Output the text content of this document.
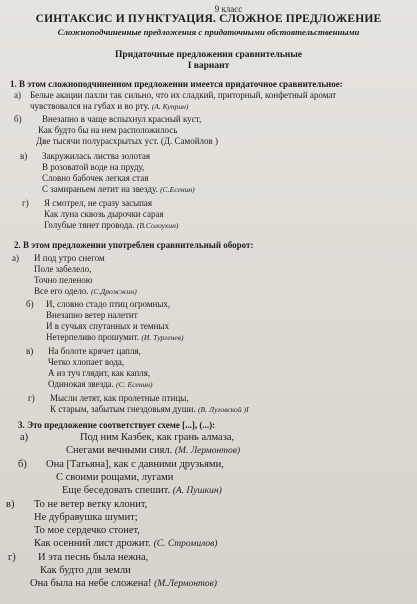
9 класс
СИНТАКСИС И ПУНКТУАЦИЯ. СЛОЖНОЕ ПРЕДЛОЖЕНИЕ
Сложноподчиненные предложения с придаточными обстоятельственными
Придаточные предложения сравнительные
I вариант
1. В этом сложноподчиненном предложении имеется придаточное сравнительное:
а) Белые акации пахли так сильно, что их сладкий, приторный, конфетный аромат
чувствовался на губах и во рту. (А. Куприн)
б) Внезапно в чаще вспыхнул красный куст,
Как будто бы на нем расположилось
Две тысячи полурасхрытых уст. (Д. Самойлов )
в) Закружилась листва золотая
В розоватой воде на пруду,
Словно бабочек легкая стая
С замираньем летит на звезду. (С.Есенин)
г) Я смотрел, не сразу засыпая
Как луна сквозь дырочки сарая
Голубые тянет провода. (В.Солоухин)
2. В этом предложении употреблен сравнительный оборот:
а) И под утро снегом
Поле забелело,
Точно пеленою
Все его одело. (С.Дрожжин)
б) И, словно стадо птиц огромных,
Внезапно ветер налетит
И в сучьях спутанных и темных
Нетерпеливо прошумит. (И. Тургенев)
в) На болоте крячет цапля,
Четко хлопает вода,
А из туч глядит, как капля,
Одинокая звезда. (С. Есенин)
г) Мысли летят, как пролетные птицы,
К старым, забытым гнездовьям души. (В. Луговской )I
3. Это предложение соответствует схеме [...], (...):
а)	Под ним Казбек, как грань алмаза,
Снегами вечными сиял. (М. Лермонтов)
б) Она [Татьяна], как с давними друзьями,
С своими рощами, лугами
Еще беседовать спешит. (А. Пушкин)
в) То не ветер ветку клонит,
Не дубравушка шумит;
То мое сердечко стонет,
Как осенний лист дрожит. (С. Стромилов)
г) И эта песнь была нежна,
Как будто для земли
Она была на небе сложена! (М.Лермонтов)
